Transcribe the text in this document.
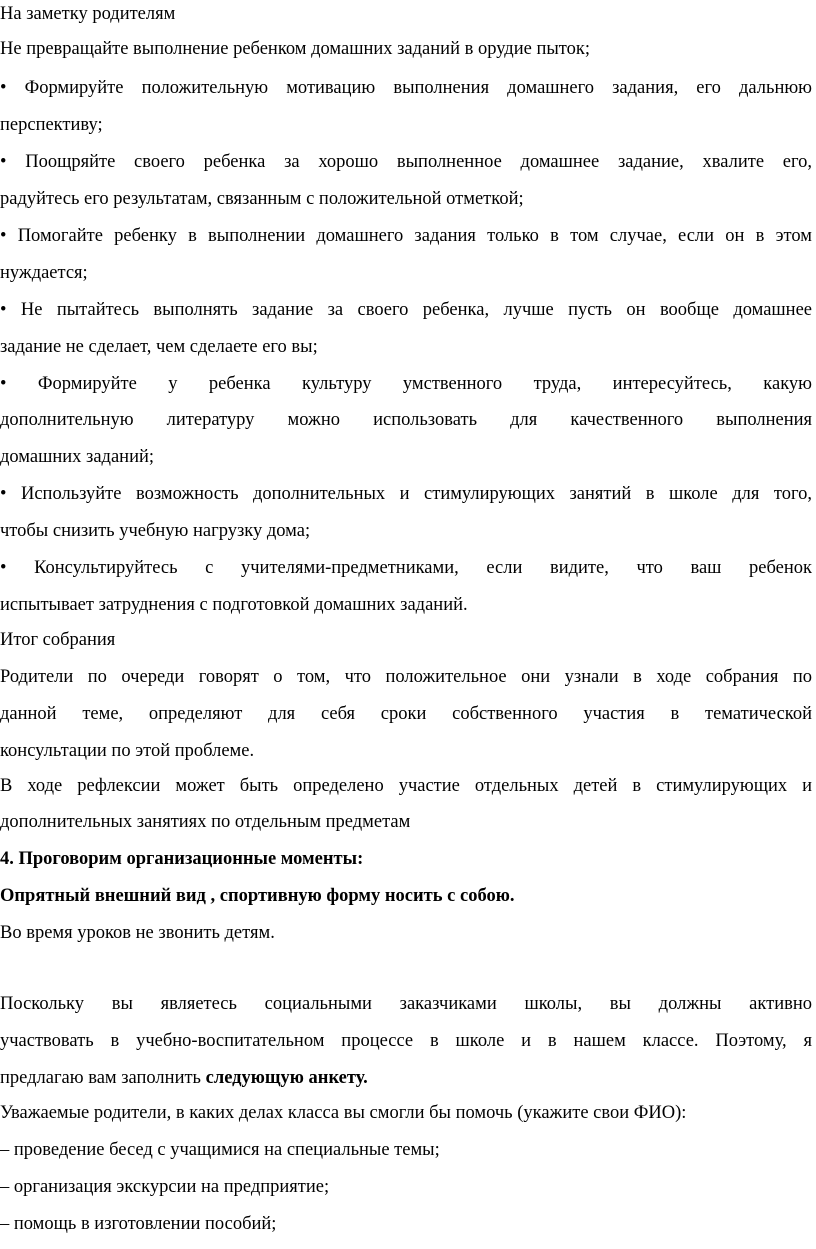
На заметку родителям
Не превращайте выполнение ребенком домашних заданий в орудие пыток;
• Формируйте положительную мотивацию выполнения домашнего задания, его дальнюю
перспективу;
• Поощряйте своего ребенка за хорошо выполненное домашнее задание, хвалите его,
радуйтесь его результатам, связанным с положительной отметкой;
• Помогайте ребенку в выполнении домашнего задания только в том случае, если он в этом
нуждается;
• Не пытайтесь выполнять задание за своего ребенка, лучше пусть он вообще домашнее
задание не сделает, чем сделаете его вы;
• Формируйте у ребенка культуру умственного труда, интересуйтесь, какую
дополнительную литературу можно использовать для качественного выполнения
домашних заданий;
• Используйте возможность дополнительных и стимулирующих занятий в школе для того,
чтобы снизить учебную нагрузку дома;
• Консультируйтесь с учителями-предметниками, если видите, что ваш ребенок
испытывает затруднения с подготовкой домашних заданий.
Итог собрания
Родители по очереди говорят о том, что положительное они узнали в ходе собрания по
данной теме, определяют для себя сроки собственного участия в тематической
консультации по этой проблеме.
В ходе рефлексии может быть определено участие отдельных детей в стимулирующих и
дополнительных занятиях по отдельным предметам
4. Проговорим организационные моменты:
Опрятный внешний вид , спортивную форму носить с собою.
Во время уроков не звонить детям.
Поскольку вы являетесь социальными заказчиками школы, вы должны активно
участвовать в учебно-воспитательном процессе в школе и в нашем классе. Поэтому, я
предлагаю вам заполнить следующую анкету.
Уважаемые родители, в каких делах класса вы смогли бы помочь (укажите свои ФИО):
– проведение бесед с учащимися на специальные темы;
– организация экскурсии на предприятие;
– помощь в изготовлении пособий;
